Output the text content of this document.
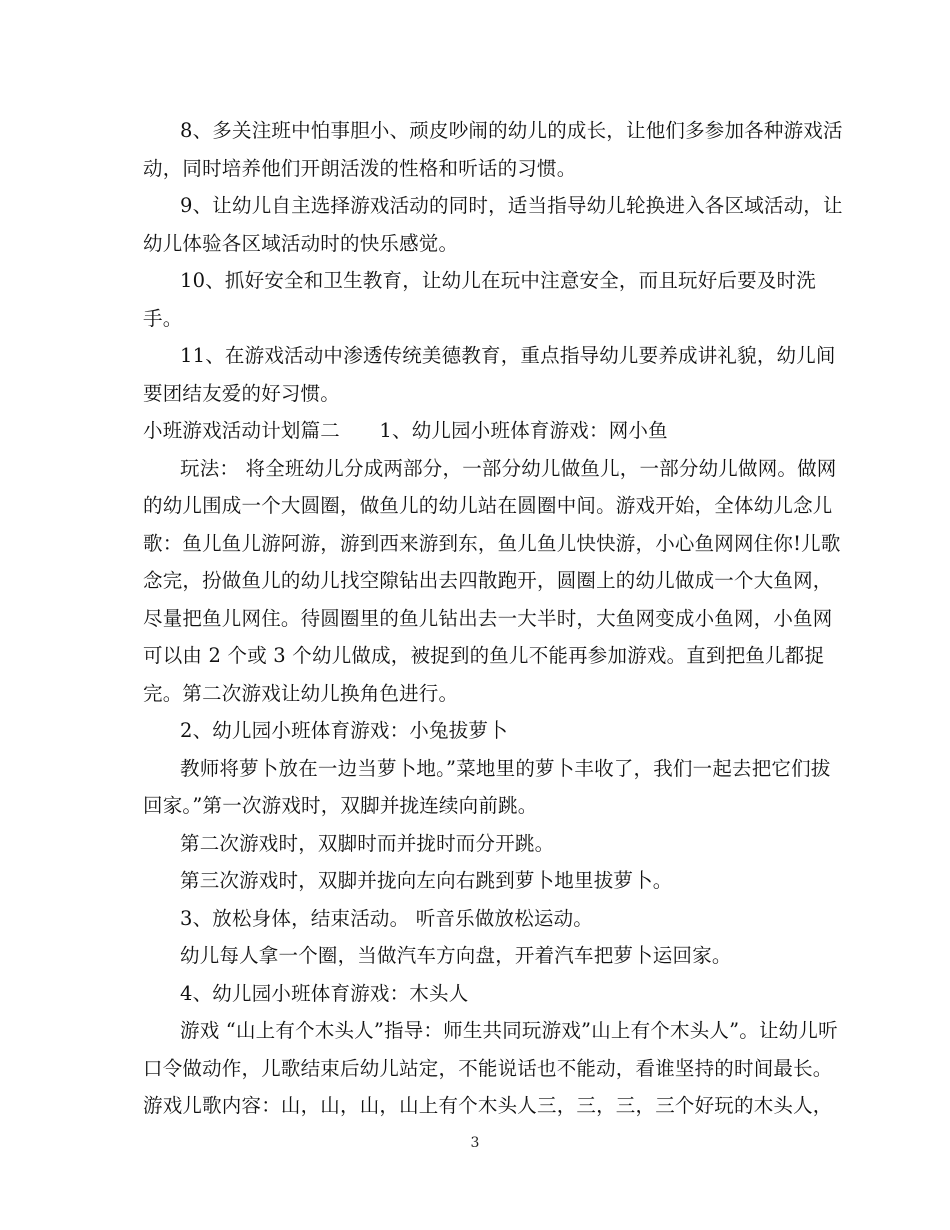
8、多关注班中怕事胆小、顽皮吵闹的幼儿的成长，让他们多参加各种游戏活
动，同时培养他们开朗活泼的性格和听话的习惯。
9、让幼儿自主选择游戏活动的同时，适当指导幼儿轮换进入各区域活动，让
幼儿体验各区域活动时的快乐感觉。
10、抓好安全和卫生教育，让幼儿在玩中注意安全，而且玩好后要及时洗
手。
11、在游戏活动中渗透传统美德教育，重点指导幼儿要养成讲礼貌，幼儿间
要团结友爱的好习惯。
小班游戏活动计划篇二　　1、幼儿园小班体育游戏：网小鱼
玩法： 将全班幼儿分成两部分，一部分幼儿做鱼儿，一部分幼儿做网。做网
的幼儿围成一个大圆圈，做鱼儿的幼儿站在圆圈中间。游戏开始，全体幼儿念儿
歌：鱼儿鱼儿游阿游，游到西来游到东，鱼儿鱼儿快快游，小心鱼网网住你!儿歌
念完，扮做鱼儿的幼儿找空隙钻出去四散跑开，圆圈上的幼儿做成一个大鱼网，
尽量把鱼儿网住。待圆圈里的鱼儿钻出去一大半时，大鱼网变成小鱼网，小鱼网
可以由 2 个或 3 个幼儿做成，被捉到的鱼儿不能再参加游戏。直到把鱼儿都捉
完。第二次游戏让幼儿换角色进行。
2、幼儿园小班体育游戏：小兔拔萝卜
教师将萝卜放在一边当萝卜地。”菜地里的萝卜丰收了，我们一起去把它们拔
回家。”第一次游戏时，双脚并拢连续向前跳。
第二次游戏时，双脚时而并拢时而分开跳。
第三次游戏时，双脚并拢向左向右跳到萝卜地里拔萝卜。
3、放松身体，结束活动。 听音乐做放松运动。
幼儿每人拿一个圈，当做汽车方向盘，开着汽车把萝卜运回家。
4、幼儿园小班体育游戏：木头人
游戏 “山上有个木头人”指导：师生共同玩游戏”山上有个木头人”。让幼儿听
口令做动作，儿歌结束后幼儿站定，不能说话也不能动，看谁坚持的时间最长。
游戏儿歌内容：山，山，山，山上有个木头人三，三，三，三个好玩的木头人，
3
